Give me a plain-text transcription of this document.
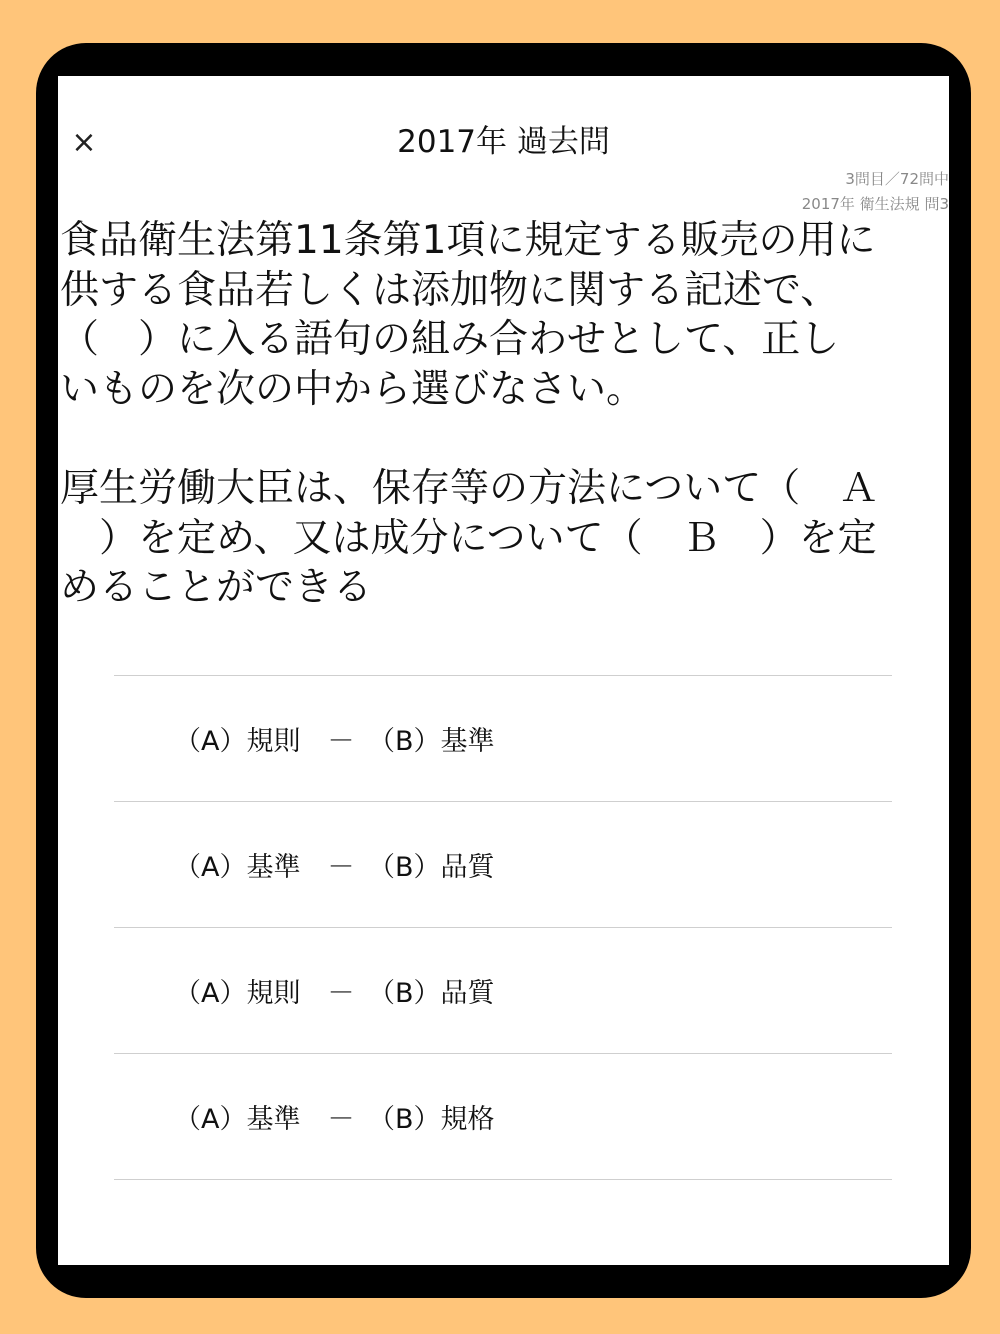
×	2017年 過去問
3問目／72問中
2017年 衛生法規 問3
食品衛生法第11条第1項に規定する販売の用に
供する食品若しくは添加物に関する記述で、
（　）に入る語句の組み合わせとして、正し
いものを次の中から選びなさい。
厚生労働大臣は、保存等の方法について（　Ａ
　）を定め、又は成分について（　Ｂ　）を定
めることができる
（A）規則　－　（B）基準
（A）基準　－　（B）品質
（A）規則　－　（B）品質
（A）基準　－　（B）規格
